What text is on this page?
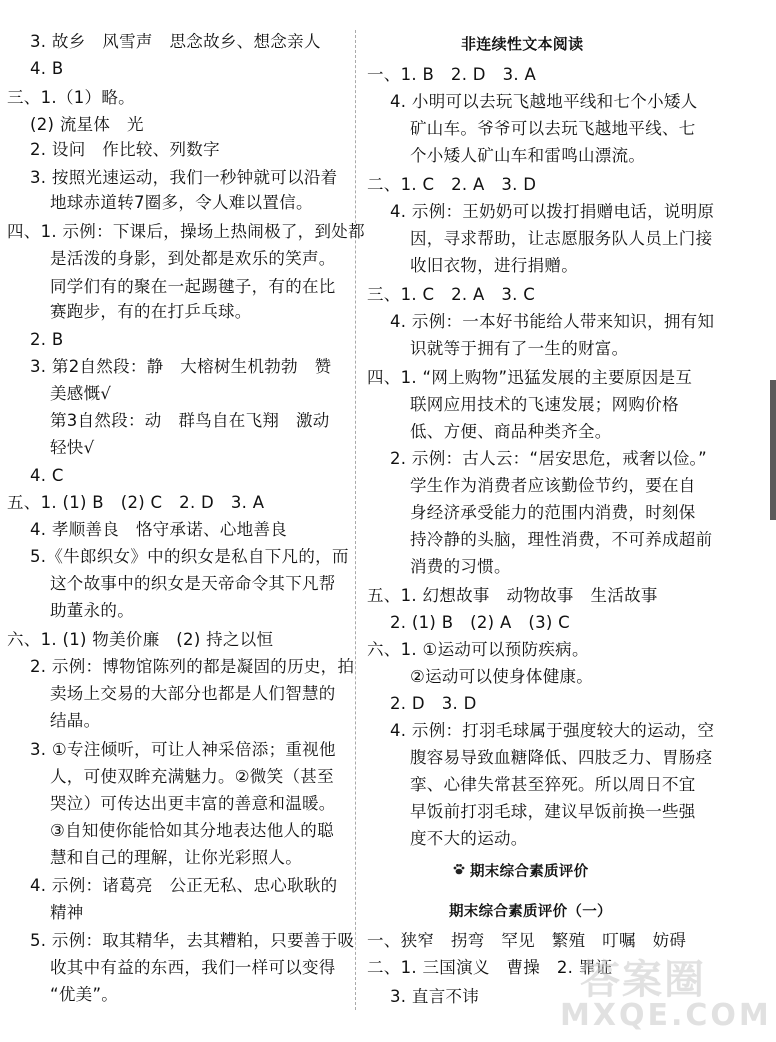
3. 故乡　风雪声　思念故乡、想念亲人
4. B
三、1.（1）略。
(2) 流星体　光
2. 设问　作比较、列数字
3. 按照光速运动，我们一秒钟就可以沿着
地球赤道转7圈多，令人难以置信。
四、1. 示例：下课后，操场上热闹极了，到处都
是活泼的身影，到处都是欢乐的笑声。
同学们有的聚在一起踢毽子，有的在比
赛跑步，有的在打乒乓球。
2. B
3. 第2自然段：静　大榕树生机勃勃　赞
美感慨√
第3自然段：动　群鸟自在飞翔　激动
轻快√
4. C
五、1. (1) B　(2) C　2. D　3. A
4. 孝顺善良　恪守承诺、心地善良
5.《牛郎织女》中的织女是私自下凡的，而
这个故事中的织女是天帝命令其下凡帮
助董永的。
六、1. (1) 物美价廉　(2) 持之以恒
2. 示例：博物馆陈列的都是凝固的历史，拍
卖场上交易的大部分也都是人们智慧的
结晶。
3. ①专注倾听，可让人神采倍添；重视他
人，可使双眸充满魅力。②微笑（甚至
哭泣）可传达出更丰富的善意和温暖。
③自知使你能恰如其分地表达他人的聪
慧和自己的理解，让你光彩照人。
4. 示例：诸葛亮　公正无私、忠心耿耿的
精神
5. 示例：取其精华，去其糟粕，只要善于吸
收其中有益的东西，我们一样可以变得
“优美”。
非连续性文本阅读
一、1. B　2. D　3. A
4. 小明可以去玩飞越地平线和七个小矮人
矿山车。爷爷可以去玩飞越地平线、七
个小矮人矿山车和雷鸣山漂流。
二、1. C　2. A　3. D
4. 示例：王奶奶可以拨打捐赠电话，说明原
因，寻求帮助，让志愿服务队人员上门接
收旧衣物，进行捐赠。
三、1. C　2. A　3. C
4. 示例：一本好书能给人带来知识，拥有知
识就等于拥有了一生的财富。
四、1. “网上购物”迅猛发展的主要原因是互
联网应用技术的飞速发展；网购价格
低、方便、商品种类齐全。
2. 示例：古人云：“居安思危，戒奢以俭。”
学生作为消费者应该勤俭节约，要在自
身经济承受能力的范围内消费，时刻保
持冷静的头脑，理性消费，不可养成超前
消费的习惯。
五、1. 幻想故事　动物故事　生活故事
2. (1) B　(2) A　(3) C
六、1. ①运动可以预防疾病。
②运动可以使身体健康。
2. D　3. D
4. 示例：打羽毛球属于强度较大的运动，空
腹容易导致血糖降低、四肢乏力、胃肠痉
挛、心律失常甚至猝死。所以周日不宜
早饭前打羽毛球，建议早饭前换一些强
度不大的运动。
期末综合素质评价
期末综合素质评价（一）
一、狭窄　拐弯　罕见　繁殖　叮嘱　妨碍
二、1. 三国演义　曹操　2. 罪证
3. 直言不讳	答案圈
MXQE.COM
